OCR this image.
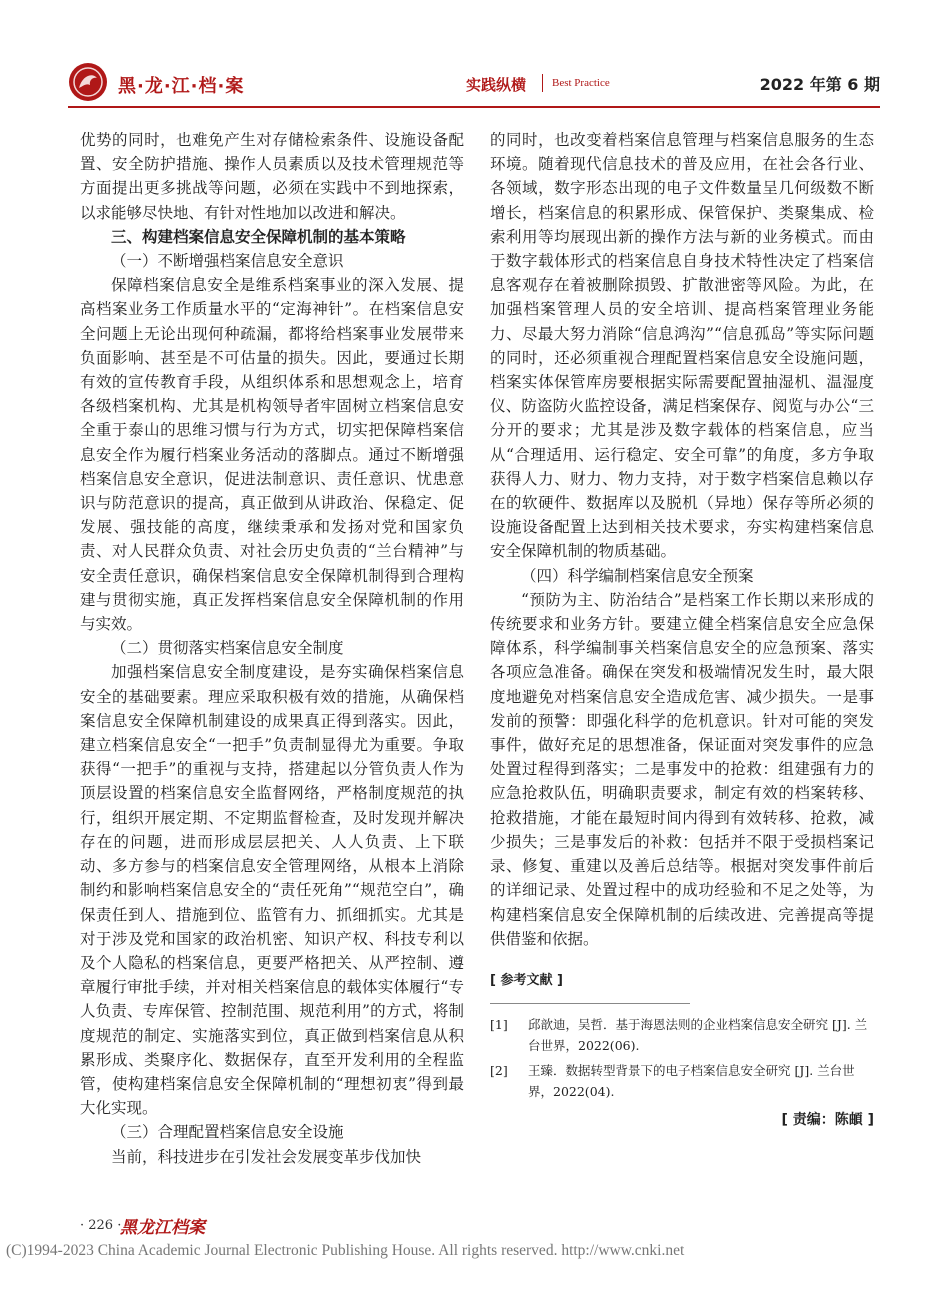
黑·龙·江·档·案	实践纵横 Best Practice	2022 年第 6 期

优势的同时，也难免产生对存储检索条件、设施设备配置、安全防护措施、操作人员素质以及技术管理规范等方面提出更多挑战等问题，必须在实践中不到地探索，以求能够尽快地、有针对性地加以改进和解决。

三、构建档案信息安全保障机制的基本策略

（一）不断增强档案信息安全意识

保障档案信息安全是维系档案事业的深入发展、提高档案业务工作质量水平的“定海神针”。在档案信息安全问题上无论出现何种疏漏，都将给档案事业发展带来负面影响、甚至是不可估量的损失。因此，要通过长期有效的宣传教育手段，从组织体系和思想观念上，培育各级档案机构、尤其是机构领导者牢固树立档案信息安全重于泰山的思维习惯与行为方式，切实把保障档案信息安全作为履行档案业务活动的落脚点。通过不断增强档案信息安全意识，促进法制意识、责任意识、忧患意识与防范意识的提高，真正做到从讲政治、保稳定、促发展、强技能的高度，继续秉承和发扬对党和国家负责、对人民群众负责、对社会历史负责的“兰台精神”与安全责任意识，确保档案信息安全保障机制得到合理构建与贯彻实施，真正发挥档案信息安全保障机制的作用与实效。

（二）贯彻落实档案信息安全制度

加强档案信息安全制度建设，是夯实确保档案信息安全的基础要素。理应采取积极有效的措施，从确保档案信息安全保障机制建设的成果真正得到落实。因此，建立档案信息安全“一把手”负责制显得尤为重要。争取获得“一把手”的重视与支持，搭建起以分管负责人作为顶层设置的档案信息安全监督网络，严格制度规范的执行，组织开展定期、不定期监督检查，及时发现并解决存在的问题，进而形成层层把关、人人负责、上下联动、多方参与的档案信息安全管理网络，从根本上消除制约和影响档案信息安全的“责任死角”“规范空白”，确保责任到人、措施到位、监管有力、抓细抓实。尤其是对于涉及党和国家的政治机密、知识产权、科技专利以及个人隐私的档案信息，更要严格把关、从严控制、遵章履行审批手续，并对相关档案信息的载体实体履行“专人负责、专库保管、控制范围、规范利用”的方式，将制度规范的制定、实施落实到位，真正做到档案信息从积累形成、类聚序化、数据保存，直至开发利用的全程监管，使构建档案信息安全保障机制的“理想初衷”得到最大化实现。

（三）合理配置档案信息安全设施

当前，科技进步在引发社会发展变革步伐加快

的同时，也改变着档案信息管理与档案信息服务的生态环境。随着现代信息技术的普及应用，在社会各行业、各领域，数字形态出现的电子文件数量呈几何级数不断增长，档案信息的积累形成、保管保护、类聚集成、检索利用等均展现出新的操作方法与新的业务模式。而由于数字载体形式的档案信息自身技术特性决定了档案信息客观存在着被删除损毁、扩散泄密等风险。为此，在加强档案管理人员的安全培训、提高档案管理业务能力、尽最大努力消除“信息鸿沟”“信息孤岛”等实际问题的同时，还必须重视合理配置档案信息安全设施问题，档案实体保管库房要根据实际需要配置抽湿机、温湿度仪、防盗防火监控设备，满足档案保存、阅览与办公“三分开的要求；尤其是涉及数字载体的档案信息，应当从“合理适用、运行稳定、安全可靠”的角度，多方争取获得人力、财力、物力支持，对于数字档案信息赖以存在的软硬件、数据库以及脱机（异地）保存等所必须的设施设备配置上达到相关技术要求，夯实构建档案信息安全保障机制的物质基础。

（四）科学编制档案信息安全预案

“预防为主、防治结合”是档案工作长期以来形成的传统要求和业务方针。要建立健全档案信息安全应急保障体系，科学编制事关档案信息安全的应急预案、落实各项应急准备。确保在突发和极端情况发生时，最大限度地避免对档案信息安全造成危害、减少损失。一是事发前的预警：即强化科学的危机意识。针对可能的突发事件，做好充足的思想准备，保证面对突发事件的应急处置过程得到落实；二是事发中的抢救：组建强有力的应急抢救队伍，明确职责要求，制定有效的档案转移、抢救措施，才能在最短时间内得到有效转移、抢救，减少损失；三是事发后的补救：包括并不限于受损档案记录、修复、重建以及善后总结等。根据对突发事件前后的详细记录、处置过程中的成功经验和不足之处等，为构建档案信息安全保障机制的后续改进、完善提高等提供借鉴和依据。

[ 参考文献 ]

[1]	邱歆迪，吴哲．基于海恩法则的企业档案信息安全研究 [J]. 兰台世界，2022(06).
[2]	王臻．数据转型背景下的电子档案信息安全研究 [J]. 兰台世界，2022(04).

[ 责编：陈頔 ]

· 226 ·
黑龙江档案
(C)1994-2023 China Academic Journal Electronic Publishing House. All rights reserved. http://www.cnki.net
